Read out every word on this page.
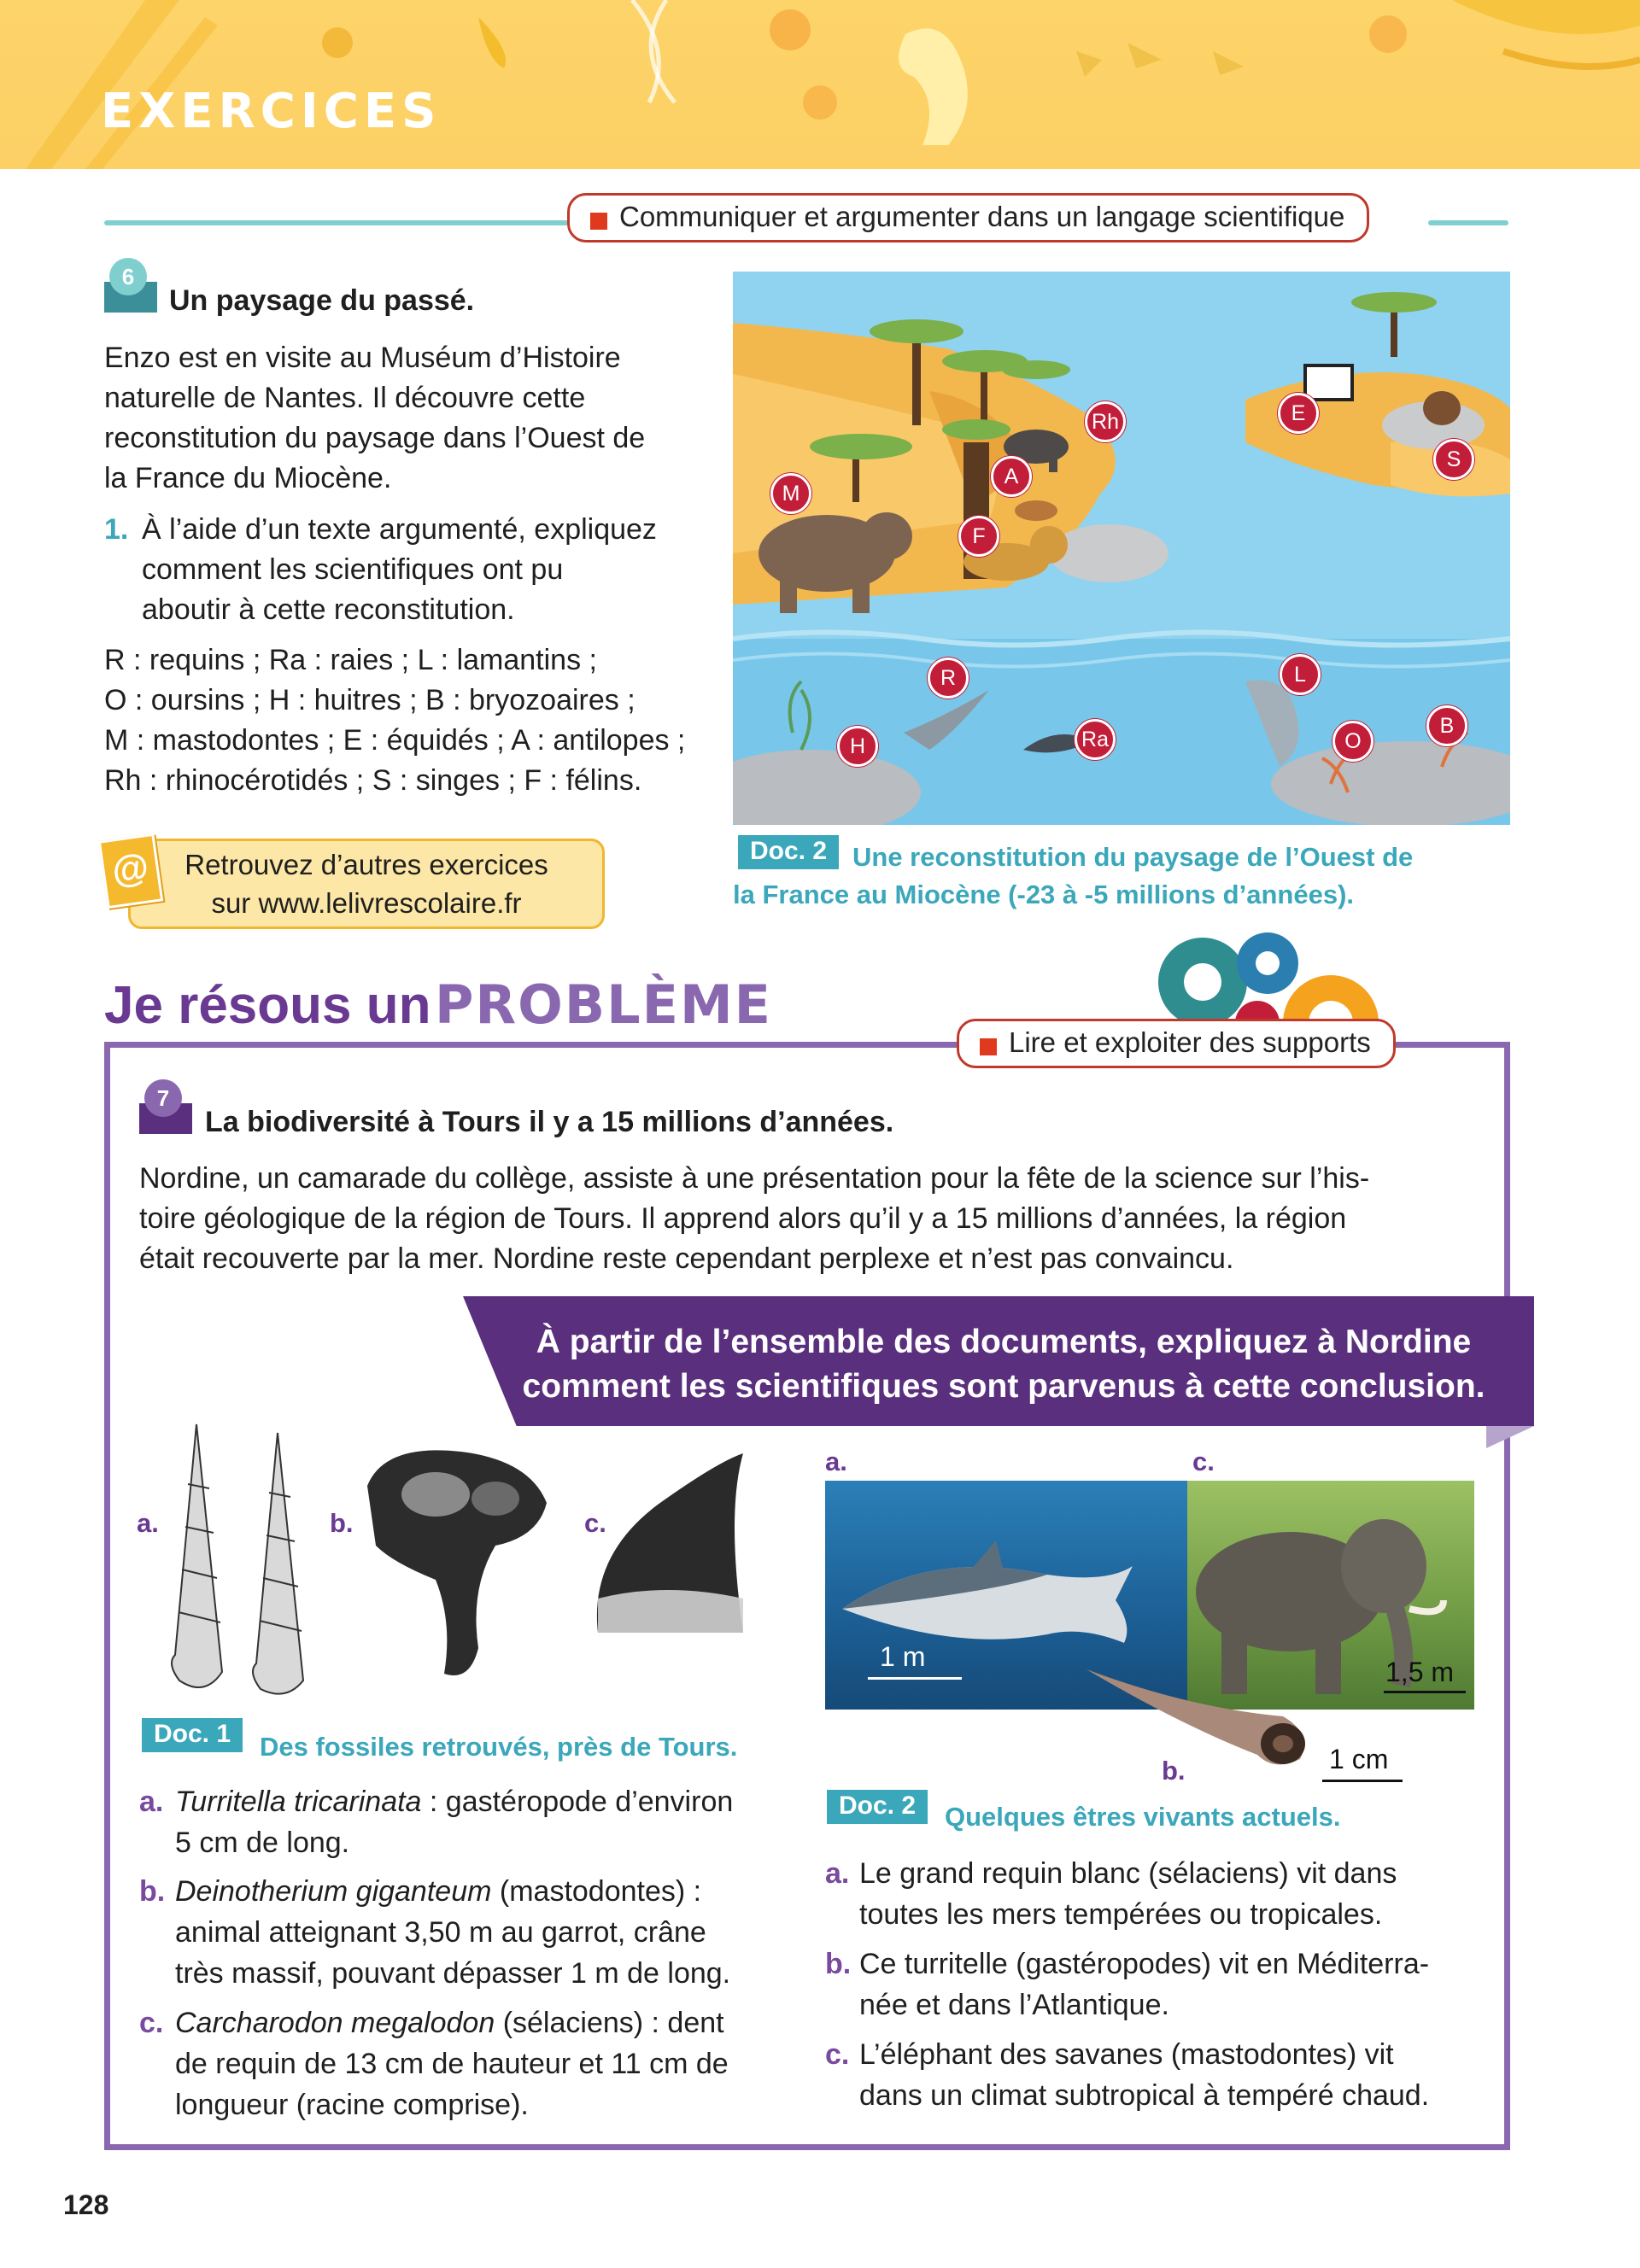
EXERCICES
Communiquer et argumenter dans un langage scientifique
6
Un paysage du passé.
Enzo est en visite au Muséum d’Histoire
naturelle de Nantes. Il découvre cette
reconstitution du paysage dans l’Ouest de
la France du Miocène.
1. À l’aide d’un texte argumenté, expliquez
comment les scientifiques ont pu
aboutir à cette reconstitution.
R : requins ; Ra : raies ; L : lamantins ;
O : oursins ; H : huitres ; B : bryozoaires ;
M : mastodontes ; E : équidés ; A : antilopes ;
Rh : rhinocérotidés ; S : singes ; F : félins.
Retrouvez d’autres exercices
sur www.lelivrescolaire.fr
@
Rh
A
M
F
E
S
R	L
H	Ra	O
B
Doc. 2 Une reconstitution du paysage de l’Ouest de
la France au Miocène (-23 à -5 millions d’années).
Je résous un PROBLÈME
Lire et exploiter des supports
7
La biodiversité à Tours il y a 15 millions d’années.
Nordine, un camarade du collège, assiste à une présentation pour la fête de la science sur l’his-
toire géologique de la région de Tours. Il apprend alors qu’il y a 15 millions d’années, la région
était recouverte par la mer. Nordine reste cependant perplexe et n’est pas convaincu.
À partir de l’ensemble des documents, expliquez à Nordine
comment les scientifiques sont parvenus à cette conclusion.
a.	b.	c.
Doc. 1	Des fossiles retrouvés, près de Tours.
a. Turritella tricarinata : gastéropode d’environ
5 cm de long.
b. Deinotherium giganteum (mastodontes) :
animal atteignant 3,50 m au garrot, crâne
très massif, pouvant dépasser 1 m de long.
c. Carcharodon megalodon (sélaciens) : dent
de requin de 13 cm de hauteur et 11 cm de
longueur (racine comprise).
a.	c.
1 m	1,5 m
b.	1 cm
Doc. 2	Quelques êtres vivants actuels.
a. Le grand requin blanc (sélaciens) vit dans
toutes les mers tempérées ou tropicales.
b. Ce turritelle (gastéropodes) vit en Méditerra-
née et dans l’Atlantique.
c. L’éléphant des savanes (mastodontes) vit
dans un climat subtropical à tempéré chaud.
128
